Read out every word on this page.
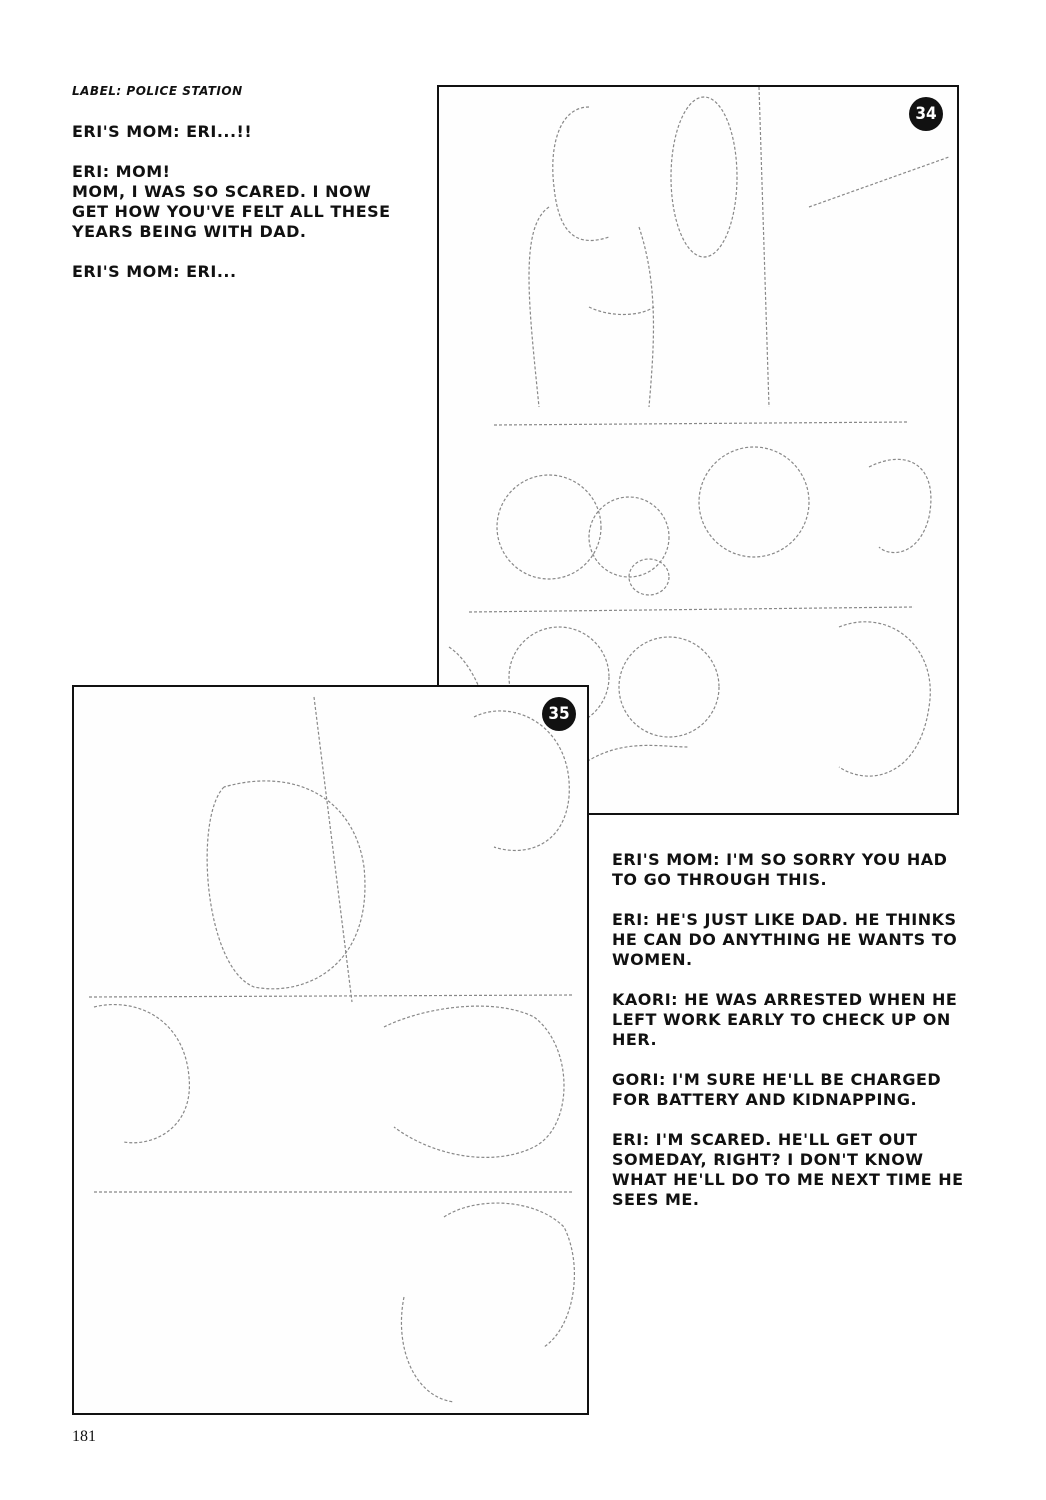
LABEL: POLICE STATION

ERI'S MOM: ERI...!!

ERI: MOM!
MOM, I WAS SO SCARED. I NOW GET HOW YOU'VE FELT ALL THESE YEARS BEING WITH DAD.

ERI'S MOM: ERI...

34
35

ERI'S MOM: I'M SO SORRY YOU HAD TO GO THROUGH THIS.

ERI: HE'S JUST LIKE DAD. HE THINKS HE CAN DO ANYTHING HE WANTS TO WOMEN.

KAORI: HE WAS ARRESTED WHEN HE LEFT WORK EARLY TO CHECK UP ON HER.

GORI: I'M SURE HE'LL BE CHARGED FOR BATTERY AND KIDNAPPING.

ERI: I'M SCARED. HE'LL GET OUT SOMEDAY, RIGHT? I DON'T KNOW WHAT HE'LL DO TO ME NEXT TIME HE SEES ME.

181
